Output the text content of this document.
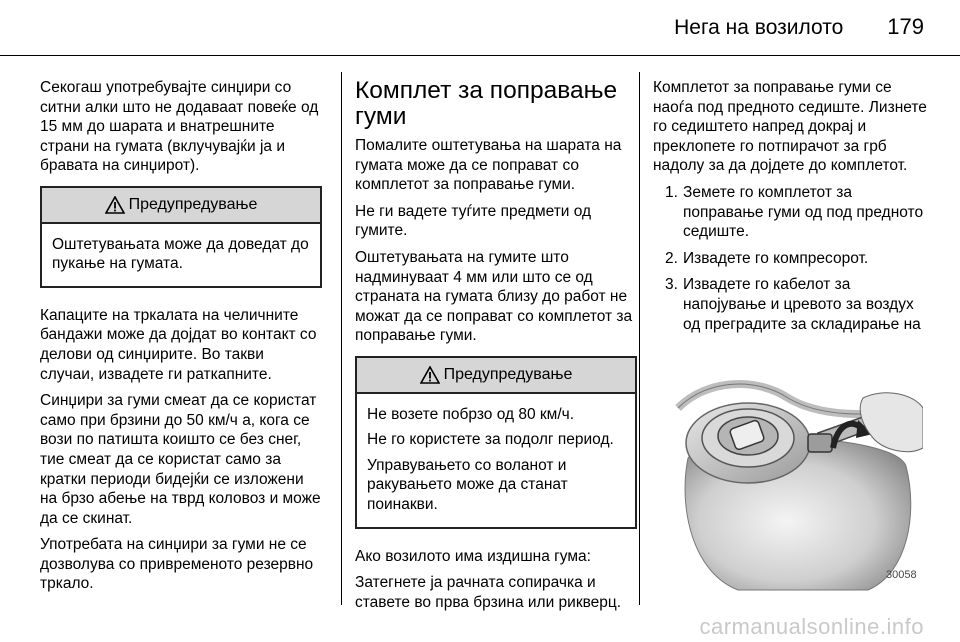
Нега на возилото 179

Секогаш употребувајте синџири со ситни алки што не додаваат повеќе од 15 мм до шарата и внатрешните страни на гумата (вклучувајќи ја и бравата на синџирот).

Предупредување

Оштетувањата може да доведат до пукање на гумата.

Капаците на тркалата на челичните бандажи може да дојдат во контакт со делови од синџирите. Во такви случаи, извадете ги раткапните.

Синџири за гуми смеат да се користат само при брзини до 50 км/ч а, кога се вози по патишта коишто се без снег, тие смеат да се користат само за кратки периоди бидејќи се изложени на брзо абење на тврд коловоз и може да се скинат.

Употребата на синџири за гуми не се дозволува со привременото резервно тркало.

Комплет за поправање гуми

Помалите оштетувања на шарата на гумата може да се поправат со комплетот за поправање гуми.

Не ги вадете туѓите предмети од гумите.

Оштетувањата на гумите што надминуваат 4 мм или што се од страната на гумата близу до работ не можат да се поправат со комплетот за поправање гуми.

Предупредување

Не возете побрзо од 80 км/ч.

Не го користете за подолг период.

Управувањето со воланот и ракувањето може да станат поинакви.

Ако возилото има издишна гума:

Затегнете ја рачната сопирачка и ставете во прва брзина или рикверц.

Комплетот за поправање гуми се наоѓа под предното седиште. Лизнете го седиштето напред докрај и преклопете го потпирачот за грб надолу за да дојдете до комплетот.

1. Земете го комплетот за поправање гуми од под предното седиште.
2. Извадете го компресорот.
3. Извадете го кабелот за напојување и цревото за воздух од преградите за складирање на
30058
carmanualsonline.info
